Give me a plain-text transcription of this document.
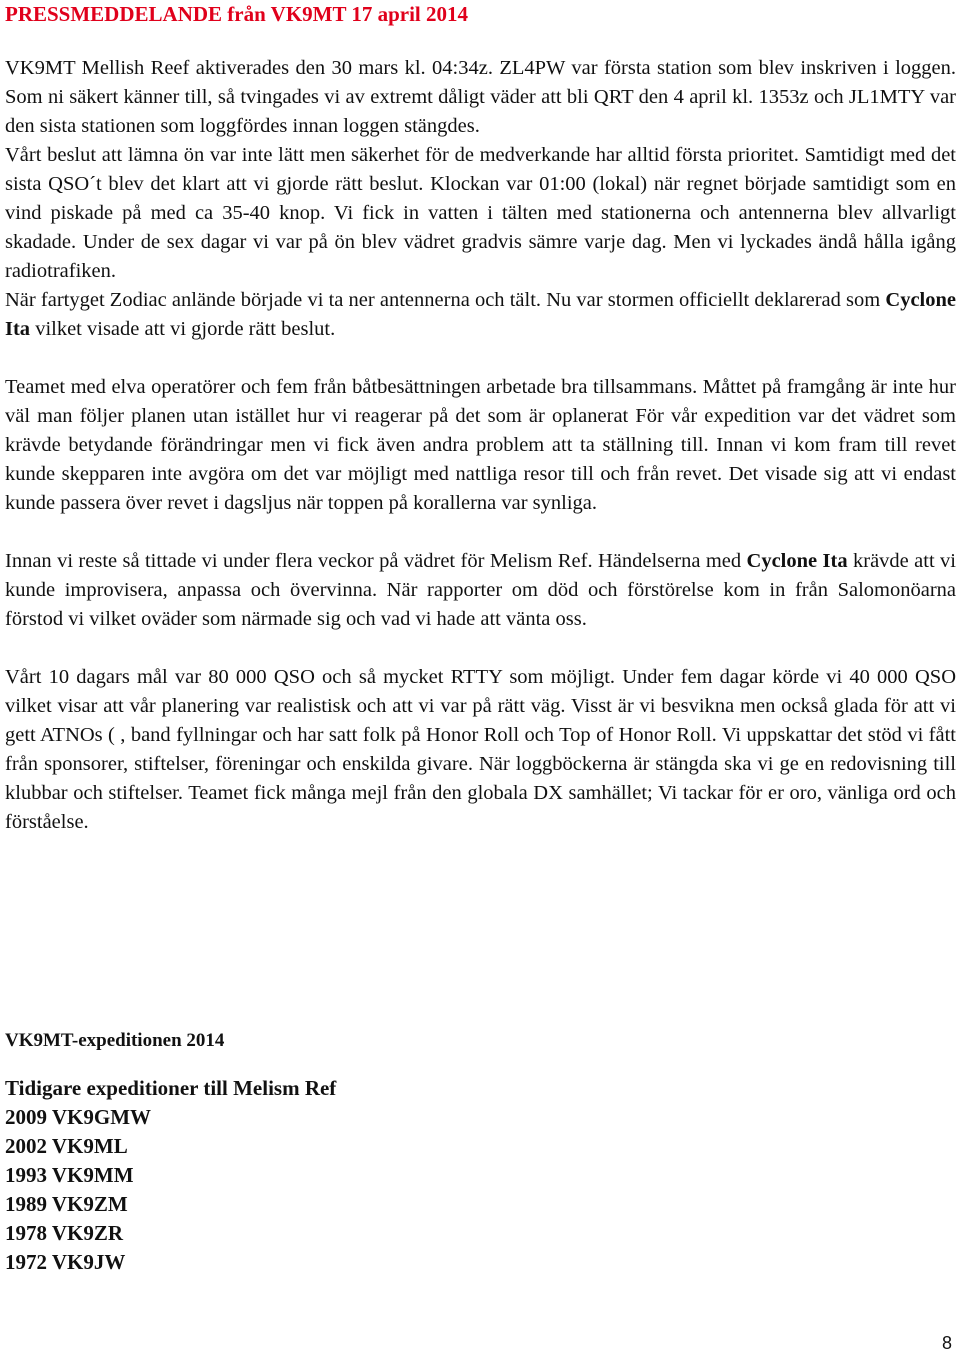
PRESSMEDDELANDE från VK9MT 17 april 2014

VK9MT Mellish Reef aktiverades den 30 mars kl. 04:34z. ZL4PW var första station som blev inskriven i loggen. Som ni säkert känner till, så tvingades vi av extremt dåligt väder att bli QRT den 4 april kl. 1353z och JL1MTY var den sista stationen som loggfördes innan loggen stängdes.

Vårt beslut att lämna ön var inte lätt men säkerhet för de medverkande har alltid första prioritet. Samtidigt med det sista QSO´t blev det klart att vi gjorde rätt beslut. Klockan var 01:00 (lokal) när regnet började samtidigt som en vind piskade på med ca 35-40 knop. Vi fick in vatten i tälten med stationerna och antennerna blev allvarligt skadade. Under de sex dagar vi var på ön blev vädret gradvis sämre varje dag. Men vi lyckades ändå hålla igång radiotrafiken.

När fartyget Zodiac anlände började vi ta ner antennerna och tält. Nu var stormen officiellt deklarerad som Cyclone Ita vilket visade att vi gjorde rätt beslut.

Teamet med elva operatörer och fem från båtbesättningen arbetade bra tillsammans. Måttet på framgång är inte hur väl man följer planen utan istället hur vi reagerar på det som är oplanerat För vår expedition var det vädret som krävde betydande förändringar men vi fick även andra problem att ta ställning till. Innan vi kom fram till revet kunde skepparen inte avgöra om det var möjligt med nattliga resor till och från revet. Det visade sig att vi endast kunde passera över revet i dagsljus när toppen på korallerna var synliga.

Innan vi reste så tittade vi under flera veckor på vädret för Melism Ref. Händelserna med Cyclone Ita krävde att vi kunde improvisera, anpassa och övervinna. När rapporter om död och förstörelse kom in från Salomonöarna förstod vi vilket oväder som närmade sig och vad vi hade att vänta oss.

Vårt 10 dagars mål var 80 000 QSO och så mycket RTTY som möjligt. Under fem dagar körde vi 40 000 QSO vilket visar att vår planering var realistisk och att vi var på rätt väg. Visst är vi besvikna men också glada för att vi gett ATNOs ( , band fyllningar och har satt folk på Honor Roll och Top of Honor Roll. Vi uppskattar det stöd vi fått från sponsorer, stiftelser, föreningar och enskilda givare. När loggböckerna är stängda ska vi ge en redovisning till klubbar och stiftelser. Teamet fick många mejl från den globala DX samhället; Vi tackar för er oro, vänliga ord och förståelse.

VK9MT-expeditionen 2014
Tidigare expeditioner till Melism Ref
2009 VK9GMW
2002 VK9ML
1993 VK9MM
1989 VK9ZM
1978 VK9ZR
1972 VK9JW
8
